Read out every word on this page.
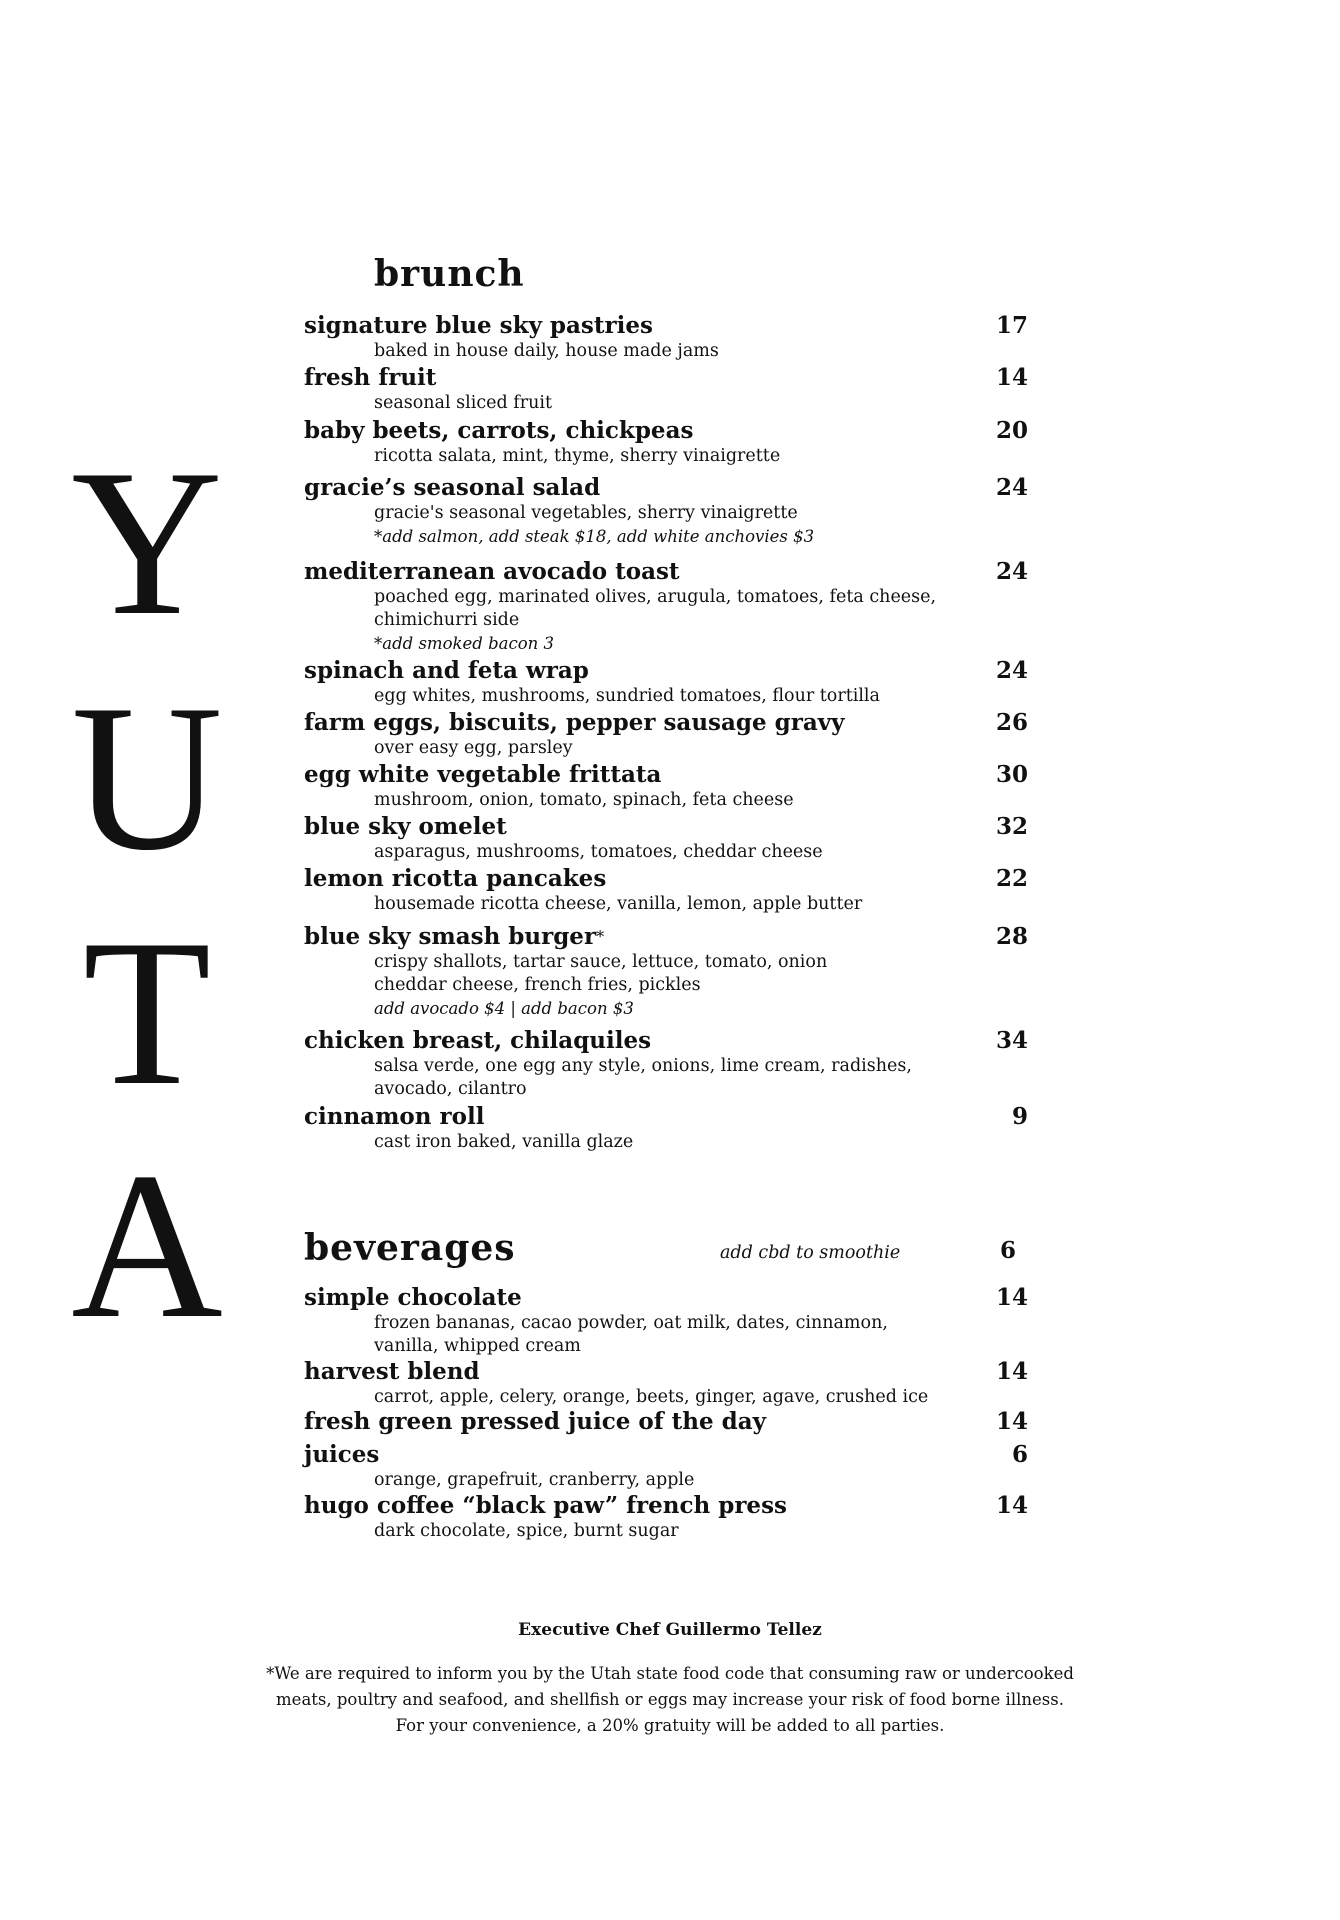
Y
U
T
A
brunch
signature blue sky pastries	17
baked in house daily, house made jams
fresh fruit	14
seasonal sliced fruit
baby beets, carrots, chickpeas	20
ricotta salata, mint, thyme, sherry vinaigrette
gracie’s seasonal salad	24
gracie's seasonal vegetables, sherry vinaigrette
*add salmon, add steak $18, add white anchovies $3
mediterranean avocado toast	24
poached egg, marinated olives, arugula, tomatoes, feta cheese,
chimichurri side
*add smoked bacon 3
spinach and feta wrap	24
egg whites, mushrooms, sundried tomatoes, flour tortilla
farm eggs, biscuits, pepper sausage gravy	26
over easy egg, parsley
egg white vegetable frittata	30
mushroom, onion, tomato, spinach, feta cheese
blue sky omelet	32
asparagus, mushrooms, tomatoes, cheddar cheese
lemon ricotta pancakes	22
housemade ricotta cheese, vanilla, lemon, apple butter
blue sky smash burger*	28
crispy shallots, tartar sauce, lettuce, tomato, onion
cheddar cheese, french fries, pickles
add avocado $4 | add bacon $3
chicken breast, chilaquiles	34
salsa verde, one egg any style, onions, lime cream, radishes,
avocado, cilantro
cinnamon roll	9
cast iron baked, vanilla glaze
beverages	add cbd to smoothie	6
simple chocolate	14
frozen bananas, cacao powder, oat milk, dates, cinnamon,
vanilla, whipped cream
harvest blend	14
carrot, apple, celery, orange, beets, ginger, agave, crushed ice
fresh green pressed juice of the day	14
juices	6
orange, grapefruit, cranberry, apple
hugo coffee “black paw” french press	14
dark chocolate, spice, burnt sugar
Executive Chef Guillermo Tellez
*We are required to inform you by the Utah state food code that consuming raw or undercooked
meats, poultry and seafood, and shellfish or eggs may increase your risk of food borne illness.
For your convenience, a 20% gratuity will be added to all parties.
